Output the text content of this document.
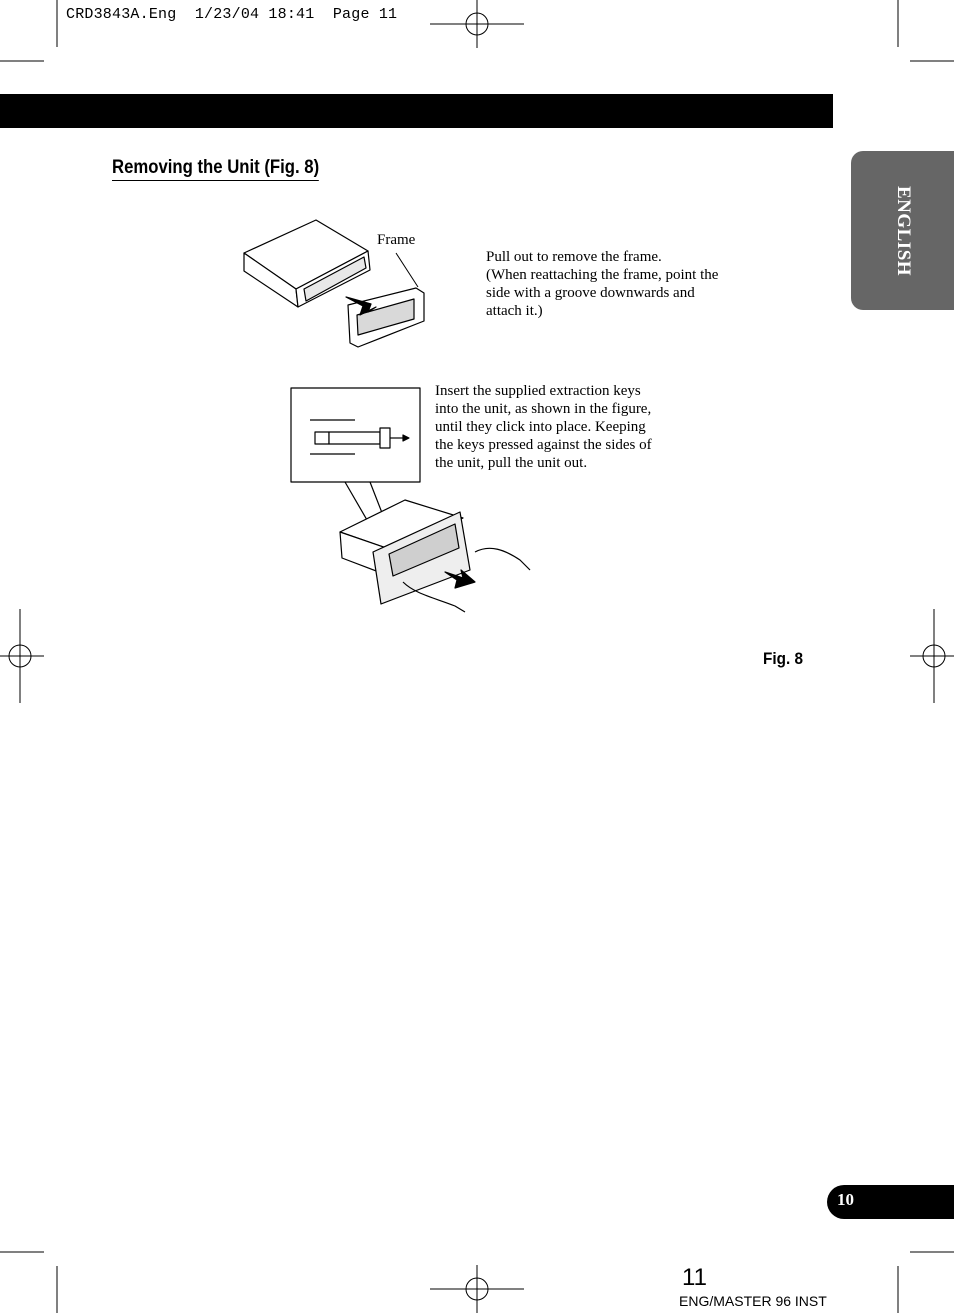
CRD3843A.Eng  1/23/04 18:41  Page 11
Removing the Unit (Fig. 8)
ENGLISH
Frame
Pull out to remove the frame.
(When reattaching the frame, point the
side with a groove downwards and
attach it.)
Insert the supplied extraction keys
into the unit, as shown in the figure,
until they click into place. Keeping
the keys pressed against the sides of
the unit, pull the unit out.
Fig. 8
10
11
ENG/MASTER 96 INST
